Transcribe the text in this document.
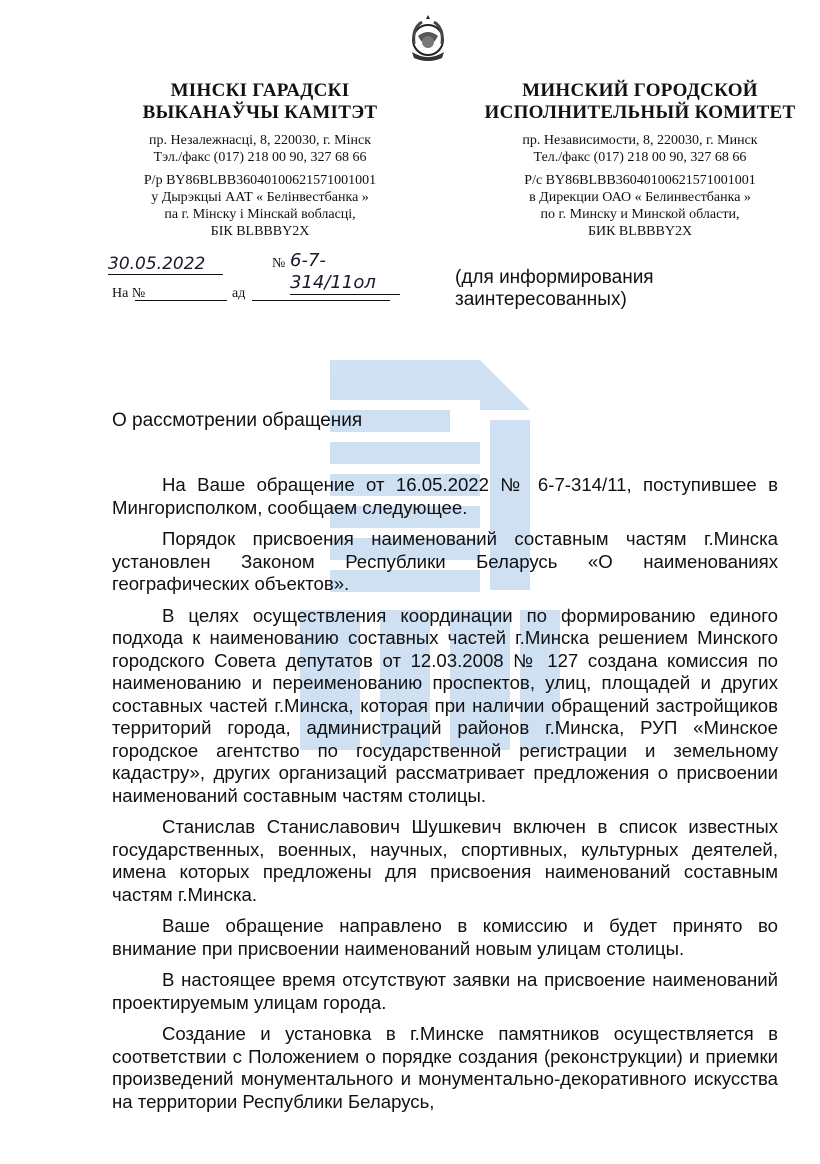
МІНСКІ ГАРАДСКІ
ВЫКАНАЎЧЫ КАМІТЭТ
пр. Незалежнасці, 8, 220030, г. Мінск
Тэл./факс (017) 218 00 90, 327 68 66
Р/р BY86BLBB36040100621571001001
у Дырэкцыі ААТ « Белінвестбанка »
па г. Мінску і Мінскай вобласці,
БІК BLBBBY2X
МИНСКИЙ ГОРОДСКОЙ
ИСПОЛНИТЕЛЬНЫЙ КОМИТЕТ
пр. Независимости, 8, 220030, г. Минск
Тел./факс (017) 218 00 90, 327 68 66
Р/с BY86BLBB36040100621571001001
в Дирекции ОАО « Белинвестбанка »
по г. Минску и Минской области,
БИК BLBBBY2X
30.05.2022	№ 6-7-314/11ол
На №	ад
(для информирования
заинтересованных)
О рассмотрении обращения

На Ваше обращение от 16.05.2022 № 6-7-314/11, поступившее в Мингорисполком, сообщаем следующее.

Порядок присвоения наименований составным частям г.Минска установлен Законом Республики Беларусь «О наименованиях географических объектов».

В целях осуществления координации по формированию единого подхода к наименованию составных частей г.Минска решением Минского городского Совета депутатов от 12.03.2008 № 127 создана комиссия по наименованию и переименованию проспектов, улиц, площадей и других составных частей г.Минска, которая при наличии обращений застройщиков территорий города, администраций районов г.Минска, РУП «Минское городское агентство по государственной регистрации и земельному кадастру», других организаций рассматривает предложения о присвоении наименований составным частям столицы.

Станислав Станиславович Шушкевич включен в список известных государственных, военных, научных, спортивных, культурных деятелей, имена которых предложены для присвоения наименований составным частям г.Минска.

Ваше обращение направлено в комиссию и будет принято во внимание при присвоении наименований новым улицам столицы.

В настоящее время отсутствуют заявки на присвоение наименований проектируемым улицам города.

Создание и установка в г.Минске памятников осуществляется в соответствии с Положением о порядке создания (реконструкции) и приемки произведений монументального и монументально-декоративного искусства на территории Республики Беларусь,
